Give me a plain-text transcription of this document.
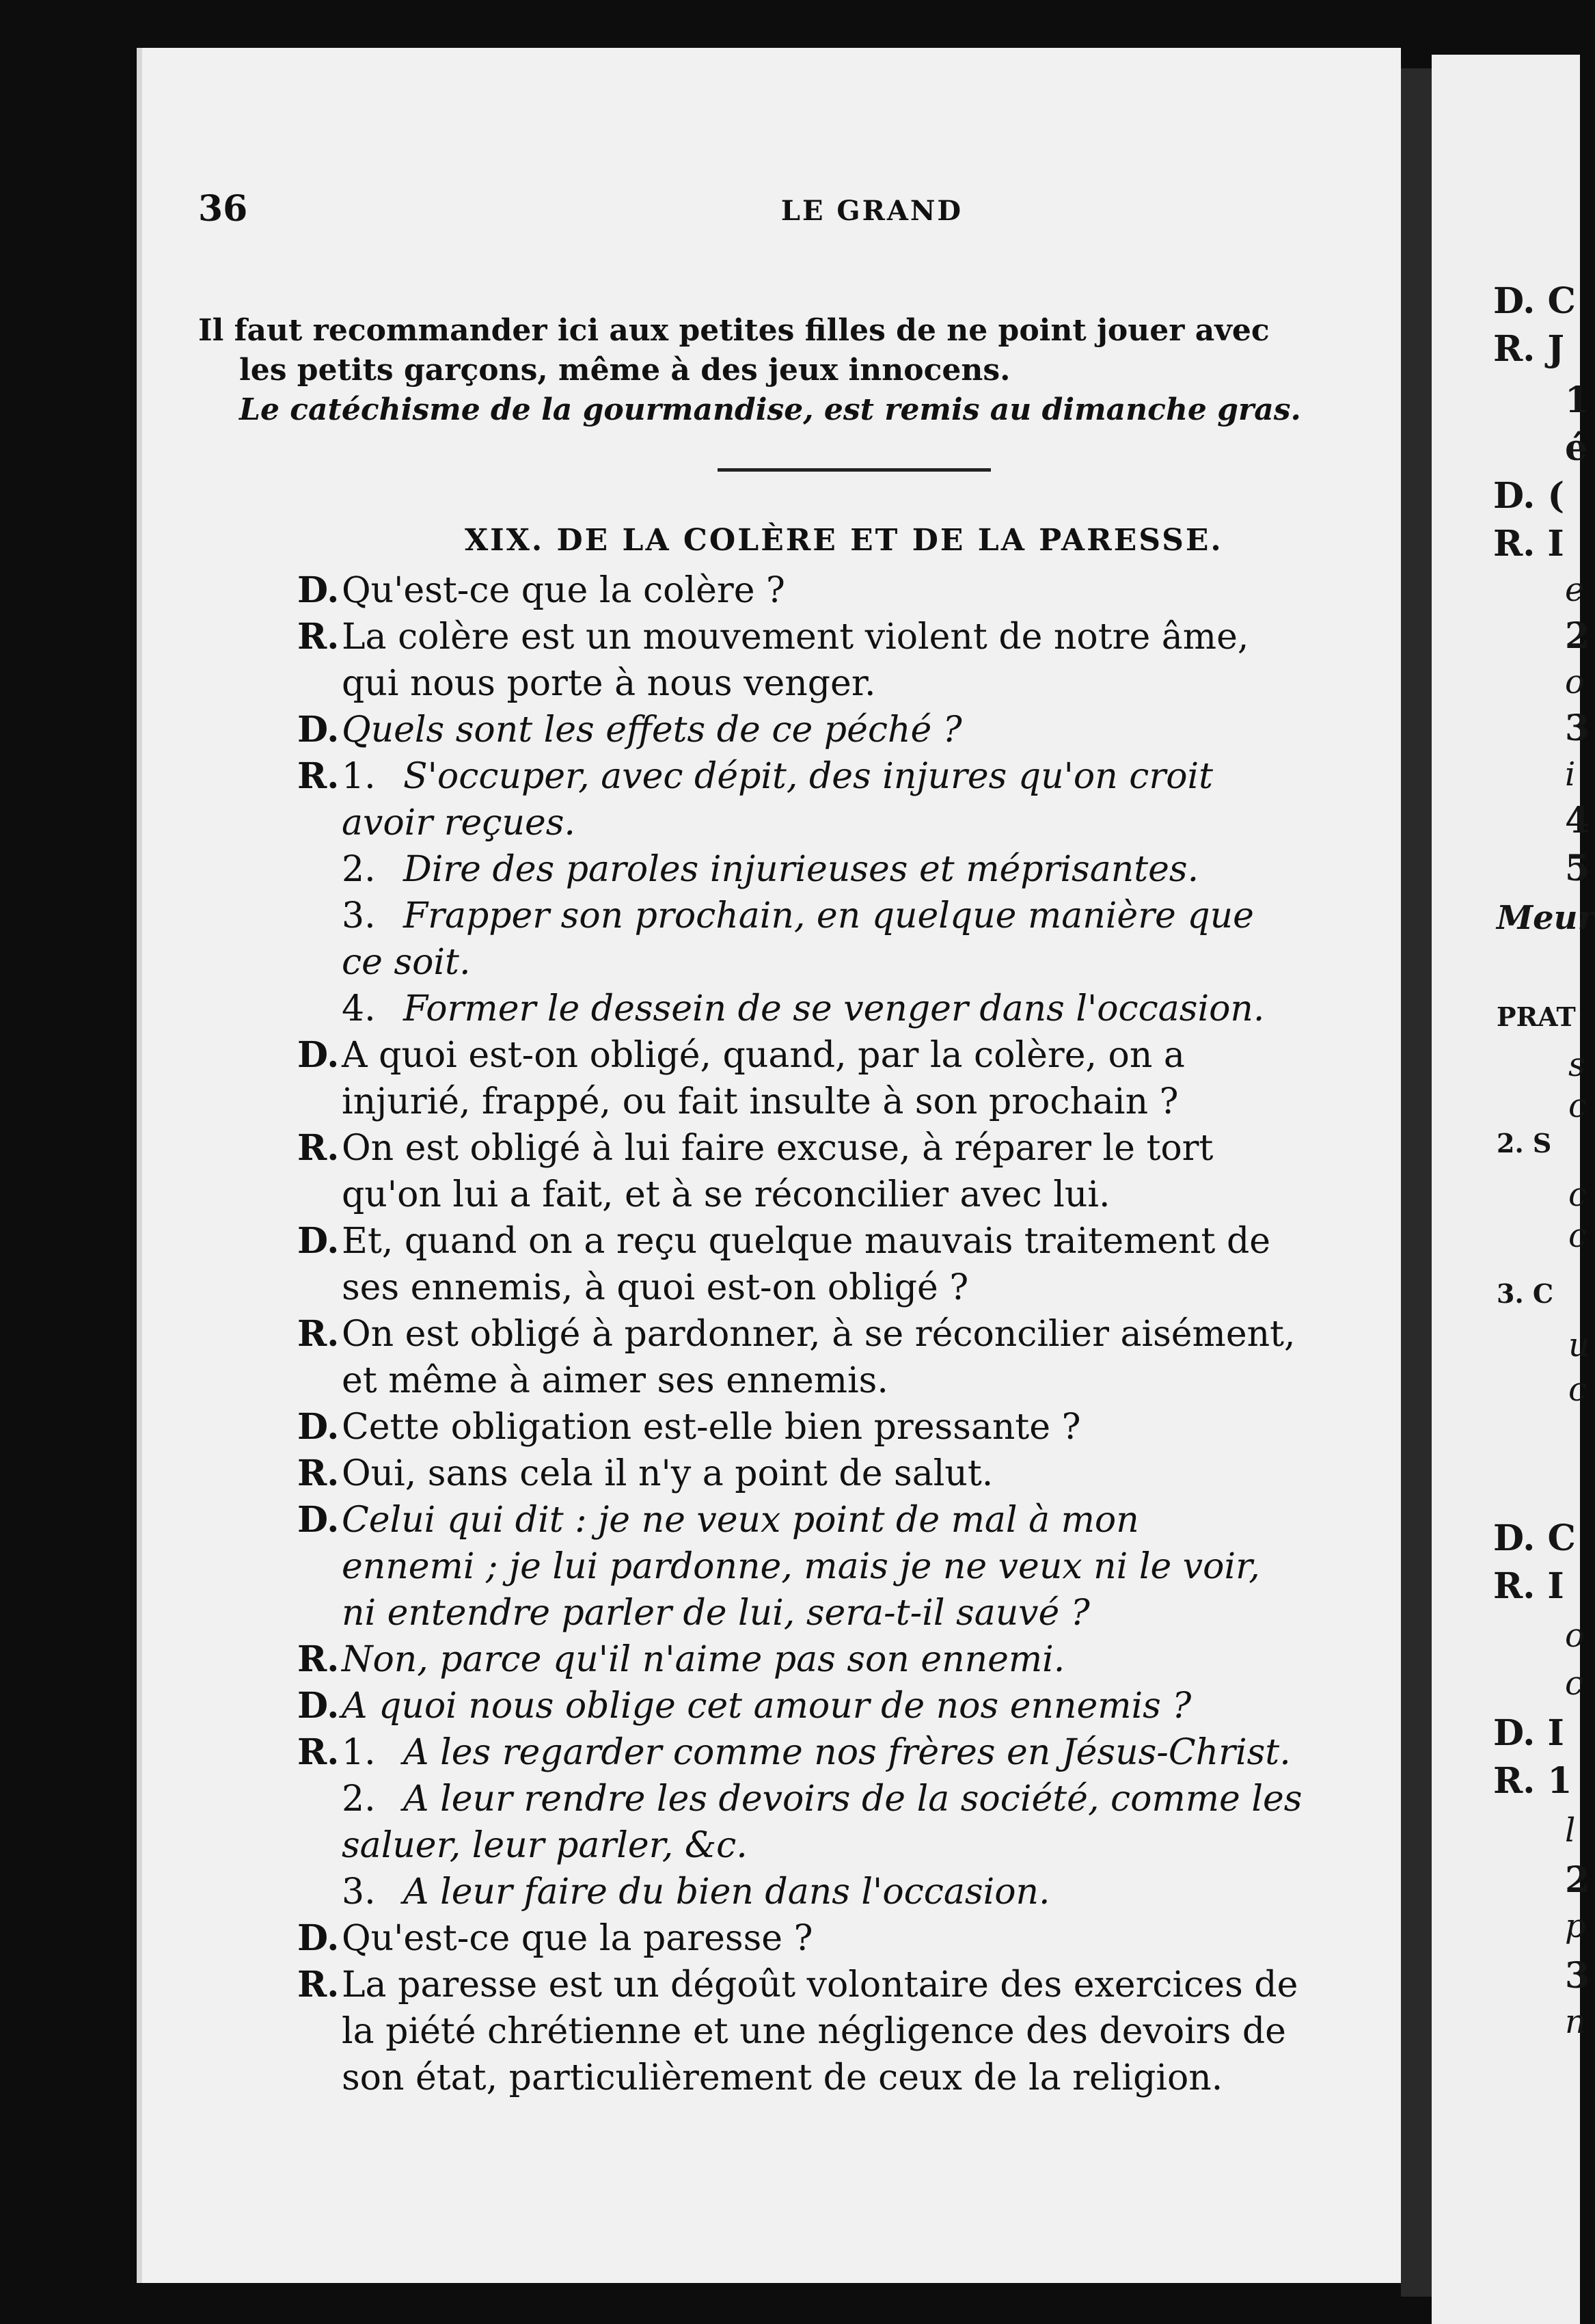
D. C
R. J
1
é
D. (
R. I
e
2
o
3
i
4
5
Meur
PRAT
s
c
2. S
c
c
3. C
u
c
D. C
R. I
o
c
D. I
R. 1
l
2
p
3
n
36	LE GRAND
Il faut recommander ici aux petites filles de ne point jouer avec
les petits garçons, même à des jeux innocens.
Le catéchisme de la gourmandise, est remis au dimanche gras.
XIX. DE LA COLÈRE ET DE LA PARESSE.
D. Qu'est-ce que la colère ?
R. La colère est un mouvement violent de notre âme,
qui nous porte à nous venger.
D. Quels sont les effets de ce péché ?
R. 1. S'occuper, avec dépit, des injures qu'on croit
avoir reçues.
2. Dire des paroles injurieuses et méprisantes.
3. Frapper son prochain, en quelque manière que
ce soit.
4. Former le dessein de se venger dans l'occasion.
D. A quoi est-on obligé, quand, par la colère, on a
injurié, frappé, ou fait insulte à son prochain ?
R. On est obligé à lui faire excuse, à réparer le tort
qu'on lui a fait, et à se réconcilier avec lui.
D. Et, quand on a reçu quelque mauvais traitement de
ses ennemis, à quoi est-on obligé ?
R. On est obligé à pardonner, à se réconcilier aisément,
et même à aimer ses ennemis.
D. Cette obligation est-elle bien pressante ?
R. Oui, sans cela il n'y a point de salut.
D. Celui qui dit : je ne veux point de mal à mon
ennemi ; je lui pardonne, mais je ne veux ni le voir,
ni entendre parler de lui, sera-t-il sauvé ?
R. Non, parce qu'il n'aime pas son ennemi.
D. A quoi nous oblige cet amour de nos ennemis ?
R. 1. A les regarder comme nos frères en Jésus-Christ.
2. A leur rendre les devoirs de la société, comme les
saluer, leur parler, &c.
3. A leur faire du bien dans l'occasion.
D. Qu'est-ce que la paresse ?
R. La paresse est un dégoût volontaire des exercices de
la piété chrétienne et une négligence des devoirs de
son état, particulièrement de ceux de la religion.
